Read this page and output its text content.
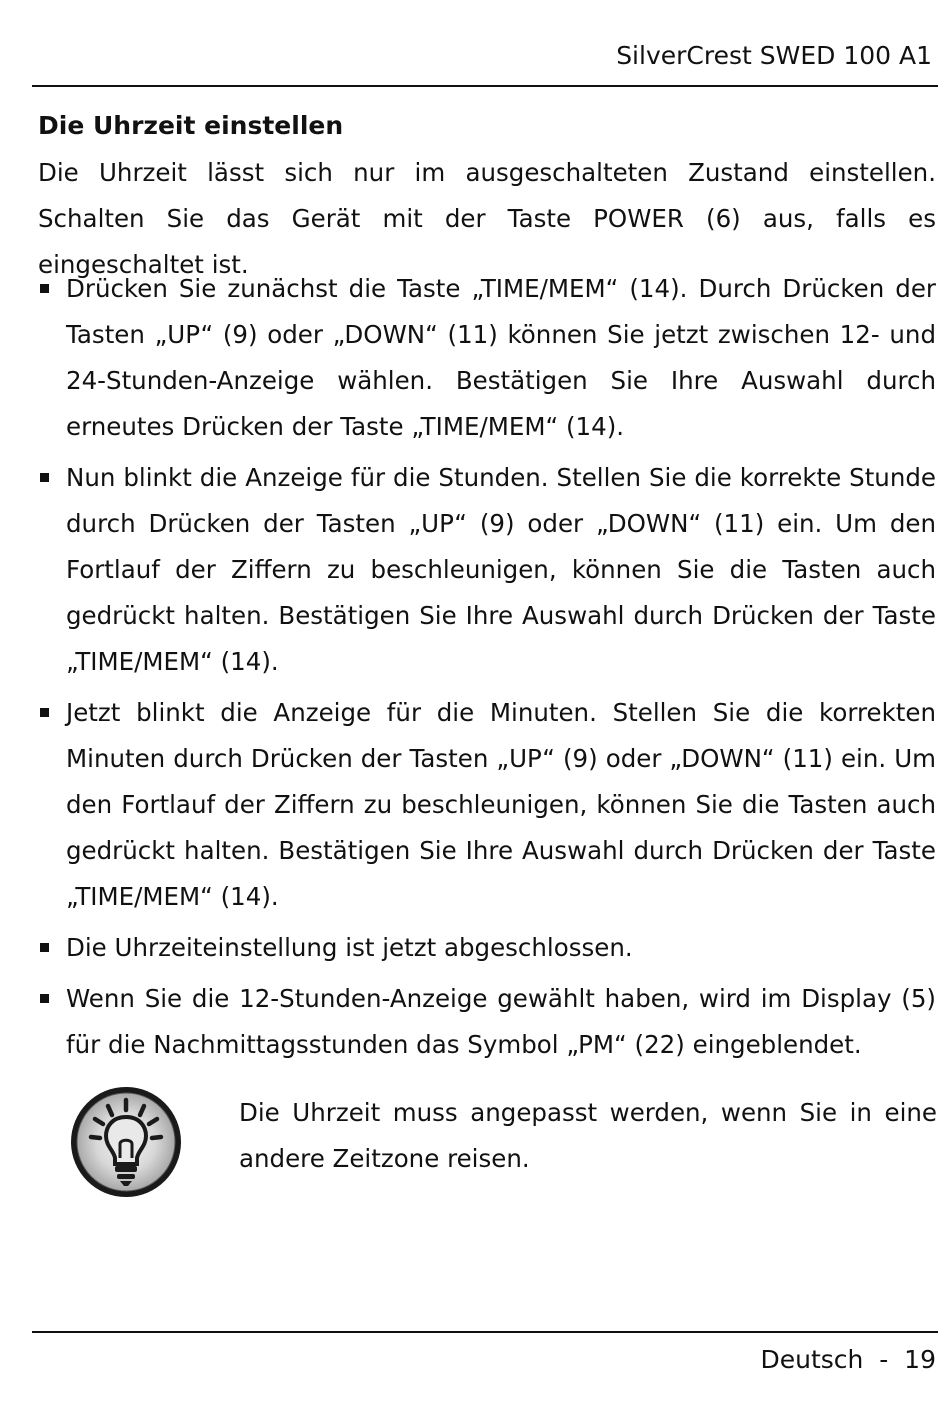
SilverCrest SWED 100 A1
Die Uhrzeit einstellen

Die Uhrzeit lässt sich nur im ausgeschalteten Zustand einstellen. Schalten Sie das Gerät mit der Taste POWER (6) aus, falls es eingeschaltet ist.

Drücken Sie zunächst die Taste „TIME/MEM“ (14). Durch Drücken der Tasten „UP“ (9) oder „DOWN“ (11) können Sie jetzt zwischen 12- und 24-Stunden-Anzeige wählen. Bestätigen Sie Ihre Auswahl durch erneutes Drücken der Taste „TIME/MEM“ (14).
Nun blinkt die Anzeige für die Stunden. Stellen Sie die korrekte Stunde durch Drücken der Tasten „UP“ (9) oder „DOWN“ (11) ein. Um den Fortlauf der Ziffern zu beschleunigen, können Sie die Tasten auch gedrückt halten. Bestätigen Sie Ihre Auswahl durch Drücken der Taste „TIME/MEM“ (14).
Jetzt blinkt die Anzeige für die Minuten. Stellen Sie die korrekten Minuten durch Drücken der Tasten „UP“ (9) oder „DOWN“ (11) ein. Um den Fortlauf der Ziffern zu beschleunigen, können Sie die Tasten auch gedrückt halten. Bestätigen Sie Ihre Auswahl durch Drücken der Taste „TIME/MEM“ (14).
Die Uhrzeiteinstellung ist jetzt abgeschlossen.
Wenn Sie die 12-Stunden-Anzeige gewählt haben, wird im Display (5) für die Nachmittagsstunden das Symbol „PM“ (22) eingeblendet.

Die Uhrzeit muss angepasst werden, wenn Sie in eine andere Zeitzone reisen.

Deutsch  -  19
